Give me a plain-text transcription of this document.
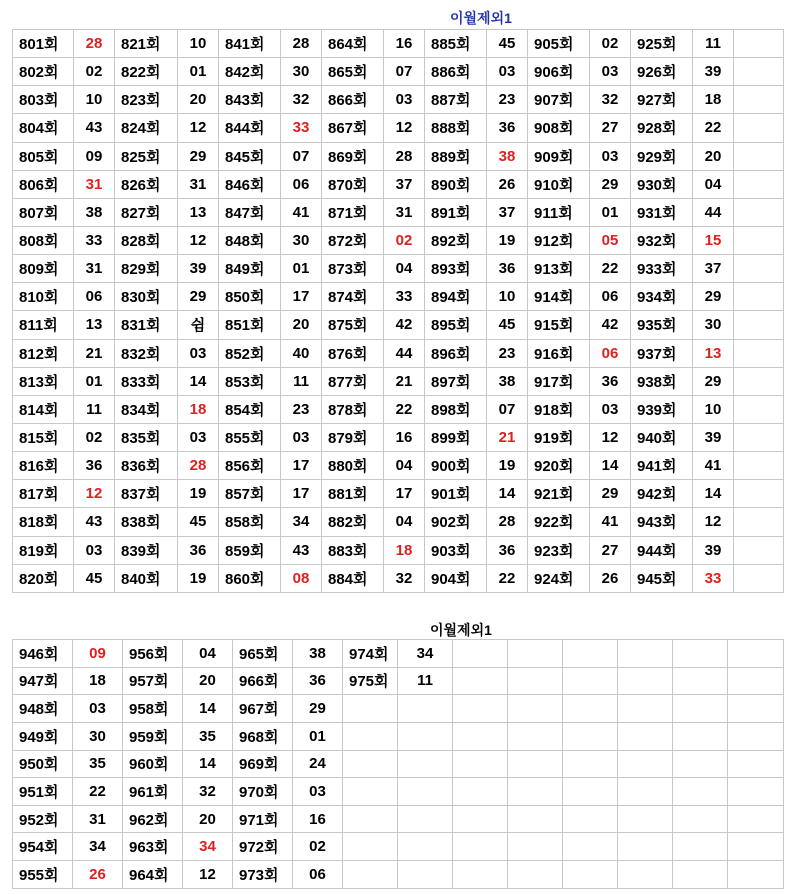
이월제외1
801회	28	821회	10	841회	28	864회	16	885회	45	905회	02	925회	11	
802회	02	822회	01	842회	30	865회	07	886회	03	906회	03	926회	39	
803회	10	823회	20	843회	32	866회	03	887회	23	907회	32	927회	18	
804회	43	824회	12	844회	33	867회	12	888회	36	908회	27	928회	22	
805회	09	825회	29	845회	07	869회	28	889회	38	909회	03	929회	20	
806회	31	826회	31	846회	06	870회	37	890회	26	910회	29	930회	04	
807회	38	827회	13	847회	41	871회	31	891회	37	911회	01	931회	44	
808회	33	828회	12	848회	30	872회	02	892회	19	912회	05	932회	15	
809회	31	829회	39	849회	01	873회	04	893회	36	913회	22	933회	37	
810회	06	830회	29	850회	17	874회	33	894회	10	914회	06	934회	29	
811회	13	831회	쉼	851회	20	875회	42	895회	45	915회	42	935회	30	
812회	21	832회	03	852회	40	876회	44	896회	23	916회	06	937회	13	
813회	01	833회	14	853회	11	877회	21	897회	38	917회	36	938회	29	
814회	11	834회	18	854회	23	878회	22	898회	07	918회	03	939회	10	
815회	02	835회	03	855회	03	879회	16	899회	21	919회	12	940회	39	
816회	36	836회	28	856회	17	880회	04	900회	19	920회	14	941회	41	
817회	12	837회	19	857회	17	881회	17	901회	14	921회	29	942회	14	
818회	43	838회	45	858회	34	882회	04	902회	28	922회	41	943회	12	
819회	03	839회	36	859회	43	883회	18	903회	36	923회	27	944회	39	
820회	45	840회	19	860회	08	884회	32	904회	22	924회	26	945회	33	
이월제외1
946회	09	956회	04	965회	38	974회	34						
947회	18	957회	20	966회	36	975회	11						
948회	03	958회	14	967회	29								
949회	30	959회	35	968회	01								
950회	35	960회	14	969회	24								
951회	22	961회	32	970회	03								
952회	31	962회	20	971회	16								
954회	34	963회	34	972회	02								
955회	26	964회	12	973회	06								
